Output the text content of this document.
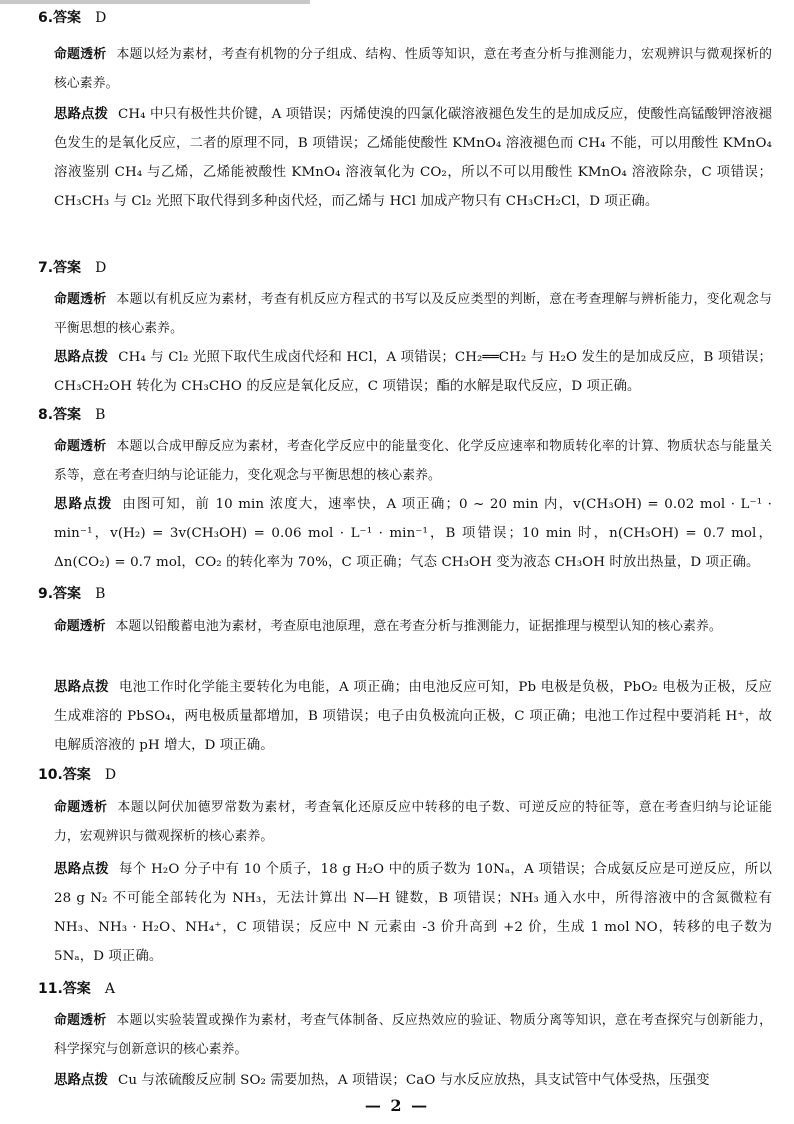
6.答案 D
命题透析 本题以烃为素材，考查有机物的分子组成、结构、性质等知识，意在考查分析与推测能力，宏观辨识与微观探析的核心素养。
思路点拨 CH₄ 中只有极性共价键，A 项错误；丙烯使溴的四氯化碳溶液褪色发生的是加成反应，使酸性高锰酸钾溶液褪色发生的是氧化反应，二者的原理不同，B 项错误；乙烯能使酸性 KMnO₄ 溶液褪色而 CH₄ 不能，可以用酸性 KMnO₄ 溶液鉴别 CH₄ 与乙烯，乙烯能被酸性 KMnO₄ 溶液氧化为 CO₂，所以不可以用酸性 KMnO₄ 溶液除杂，C 项错误；CH₃CH₃ 与 Cl₂ 光照下取代得到多种卤代烃，而乙烯与 HCl 加成产物只有 CH₃CH₂Cl，D 项正确。
7.答案 D
命题透析 本题以有机反应为素材，考查有机反应方程式的书写以及反应类型的判断，意在考查理解与辨析能力，变化观念与平衡思想的核心素养。
思路点拨 CH₄ 与 Cl₂ 光照下取代生成卤代烃和 HCl，A 项错误；CH₂══CH₂ 与 H₂O 发生的是加成反应，B 项错误；CH₃CH₂OH 转化为 CH₃CHO 的反应是氧化反应，C 项错误；酯的水解是取代反应，D 项正确。
8.答案 B
命题透析 本题以合成甲醇反应为素材，考查化学反应中的能量变化、化学反应速率和物质转化率的计算、物质状态与能量关系等，意在考查归纳与论证能力，变化观念与平衡思想的核心素养。
思路点拨 由图可知，前 10 min 浓度大，速率快，A 项正确；0 ~ 20 min 内，v(CH₃OH) = 0.02 mol · L⁻¹ · min⁻¹，v(H₂) = 3v(CH₃OH) = 0.06 mol · L⁻¹ · min⁻¹，B 项错误；10 min 时，n(CH₃OH) = 0.7 mol，Δn(CO₂) = 0.7 mol，CO₂ 的转化率为 70%，C 项正确；气态 CH₃OH 变为液态 CH₃OH 时放出热量，D 项正确。
9.答案 B
命题透析 本题以铅酸蓄电池为素材，考查原电池原理，意在考查分析与推测能力，证据推理与模型认知的核心素养。
思路点拨 电池工作时化学能主要转化为电能，A 项正确；由电池反应可知，Pb 电极是负极，PbO₂ 电极为正极，反应生成难溶的 PbSO₄，两电极质量都增加，B 项错误；电子由负极流向正极，C 项正确；电池工作过程中要消耗 H⁺，故电解质溶液的 pH 增大，D 项正确。
10.答案 D
命题透析 本题以阿伏加德罗常数为素材，考查氧化还原反应中转移的电子数、可逆反应的特征等，意在考查归纳与论证能力，宏观辨识与微观探析的核心素养。
思路点拨 每个 H₂O 分子中有 10 个质子，18 g H₂O 中的质子数为 10Nₐ，A 项错误；合成氨反应是可逆反应，所以 28 g N₂ 不可能全部转化为 NH₃，无法计算出 N—H 键数，B 项错误；NH₃ 通入水中，所得溶液中的含氮微粒有 NH₃、NH₃ · H₂O、NH₄⁺，C 项错误；反应中 N 元素由 -3 价升高到 +2 价，生成 1 mol NO，转移的电子数为 5Nₐ，D 项正确。
11.答案 A
命题透析 本题以实验装置或操作为素材，考查气体制备、反应热效应的验证、物质分离等知识，意在考查探究与创新能力，科学探究与创新意识的核心素养。
思路点拨 Cu 与浓硫酸反应制 SO₂ 需要加热，A 项错误；CaO 与水反应放热，具支试管中气体受热，压强变
— 2 —
